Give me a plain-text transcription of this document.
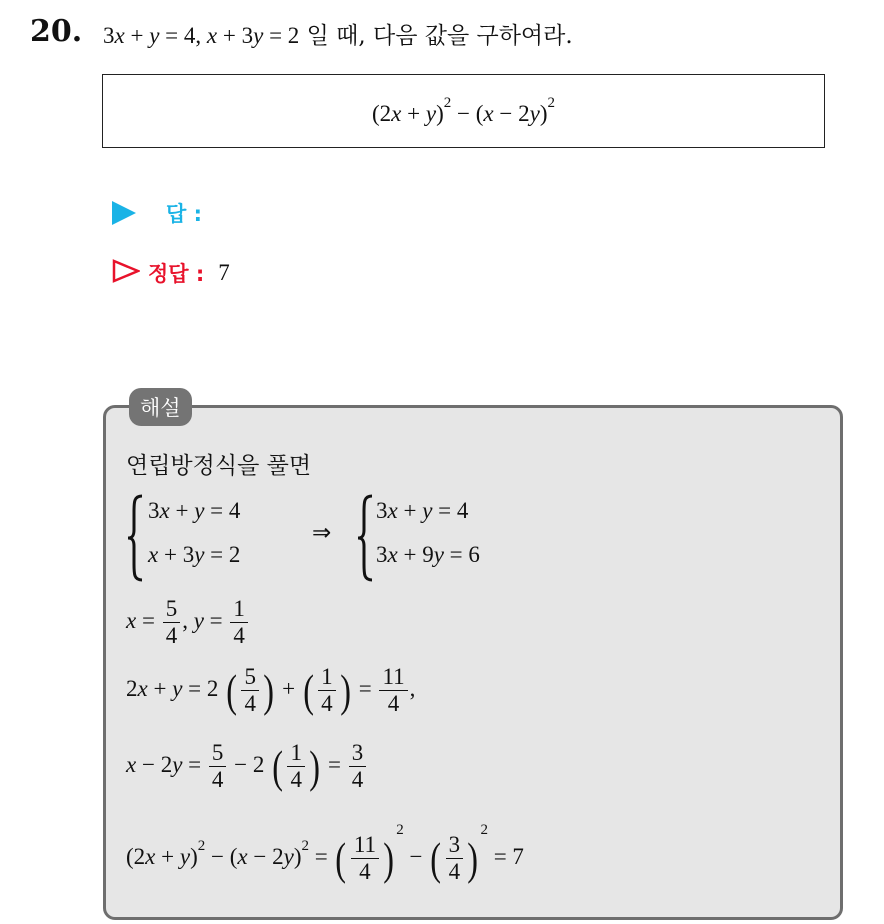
20. 3x + y = 4, x + 3y = 2 일 때, 다음 값을 구하여라.
$(2x + y)^2 - (x - 2y)^2$
답 :
정답 : 7
해설
연립방정식을 풀면
3x + y = 4
x + 3y = 2
⇒
3x + y = 4
3x + 9y = 6
$x = \frac{5}{4}$ , $y = \frac{1}{4}$
2x + y = 2 ( $\frac{5}{4}$ ) + ( $\frac{1}{4}$ ) = $\frac{11}{4}$ ,
$x - 2y = \frac{5}{4} - 2$ ( $\frac{1}{4}$ ) = $\frac{3}{4}$
$(2x + y)^2 - (x - 2y)^2$ = ( $\frac{11}{4} )^2$ − ( $\frac{3}{4} )^2 = 7$
